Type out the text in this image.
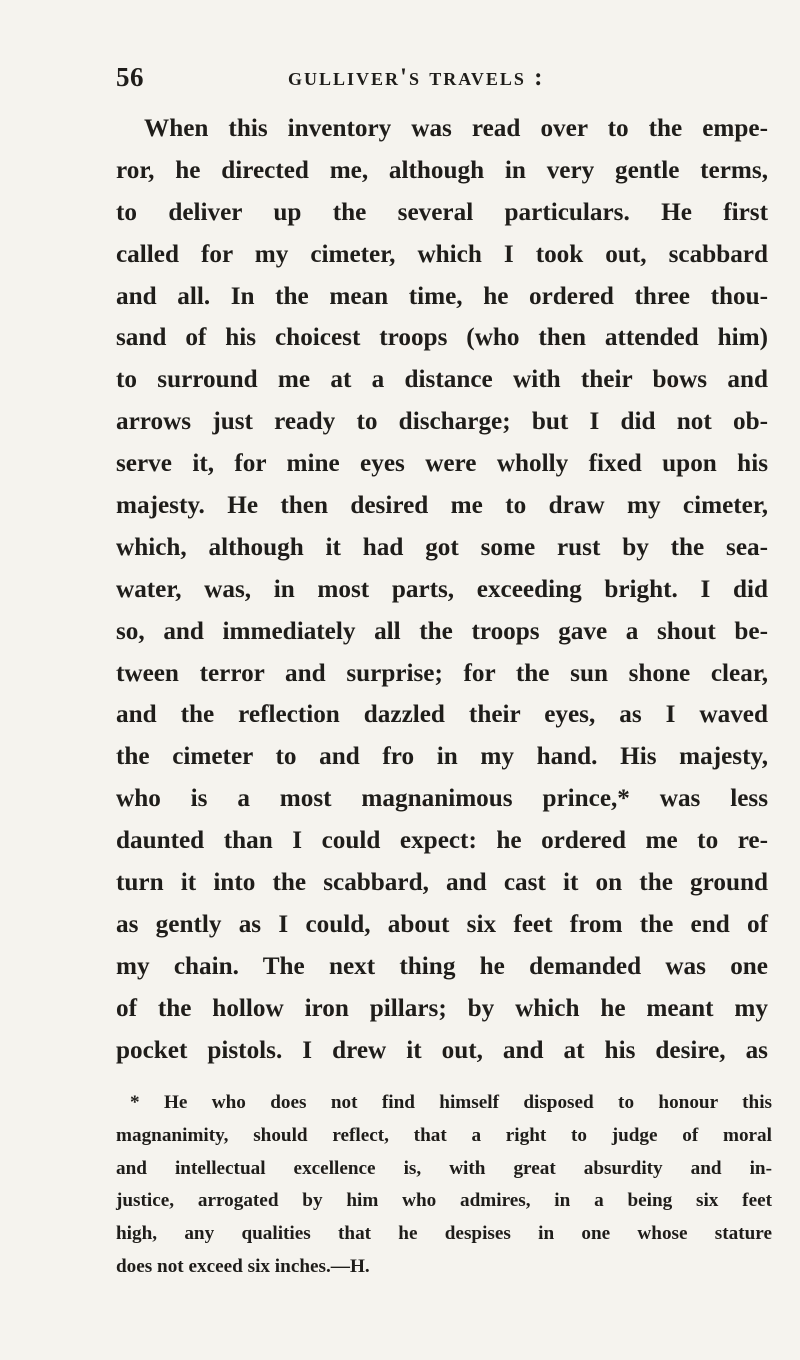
56	gulliver's travels :
When this inventory was read over to the empe-
ror, he directed me, although in very gentle terms,
to deliver up the several particulars. He first
called for my cimeter, which I took out, scabbard
and all. In the mean time, he ordered three thou-
sand of his choicest troops (who then attended him)
to surround me at a distance with their bows and
arrows just ready to discharge; but I did not ob-
serve it, for mine eyes were wholly fixed upon his
majesty. He then desired me to draw my cimeter,
which, although it had got some rust by the sea-
water, was, in most parts, exceeding bright. I did
so, and immediately all the troops gave a shout be-
tween terror and surprise; for the sun shone clear,
and the reflection dazzled their eyes, as I waved
the cimeter to and fro in my hand. His majesty,
who is a most magnanimous prince,* was less
daunted than I could expect: he ordered me to re-
turn it into the scabbard, and cast it on the ground
as gently as I could, about six feet from the end of
my chain. The next thing he demanded was one
of the hollow iron pillars; by which he meant my
pocket pistols. I drew it out, and at his desire, as
* He who does not find himself disposed to honour this
magnanimity, should reflect, that a right to judge of moral
and intellectual excellence is, with great absurdity and in-
justice, arrogated by him who admires, in a being six feet
high, any qualities that he despises in one whose stature
does not exceed six inches.—H.
